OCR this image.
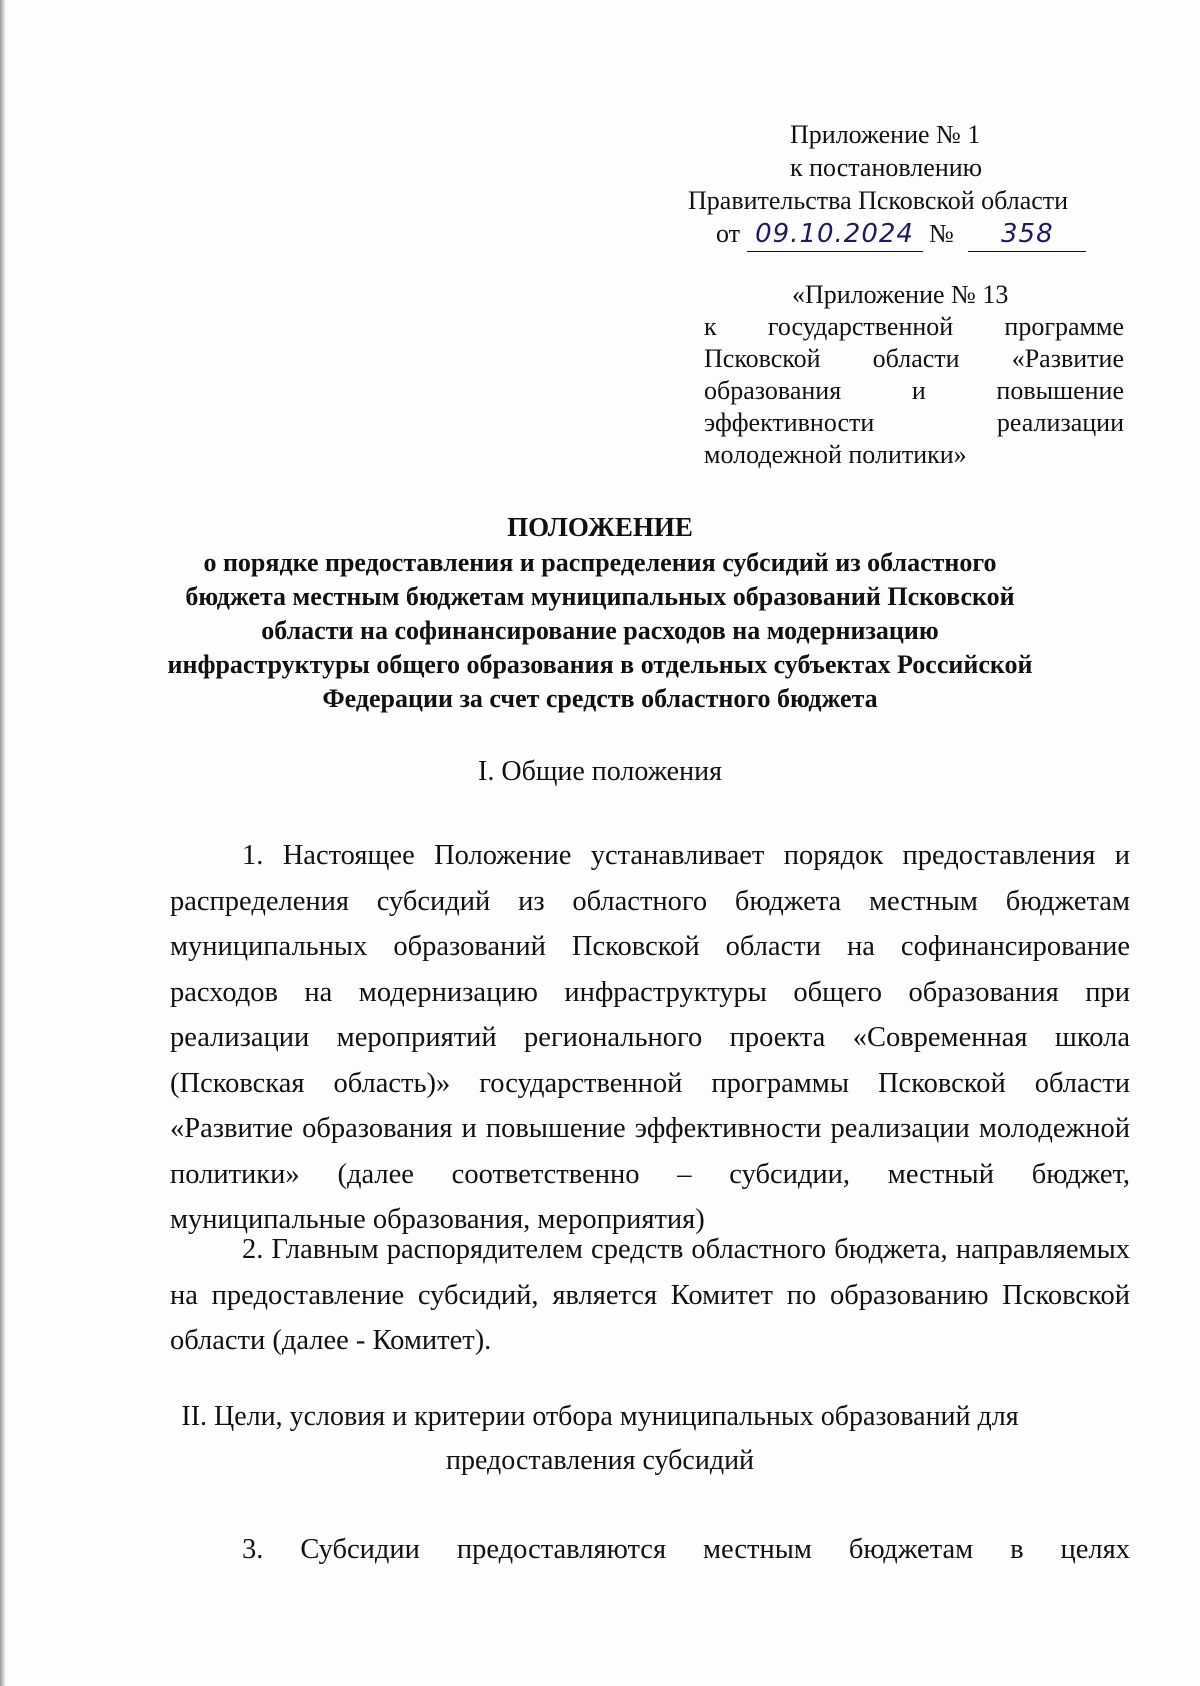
Приложение № 1
к постановлению
Правительства Псковской области
от 09.10.2024 № 358
«Приложение № 13
к государственной программе Псковской области «Развитие образования и повышение эффективности реализации молодежной политики»
ПОЛОЖЕНИЕ
о порядке предоставления и распределения субсидий из областного
бюджета местным бюджетам муниципальных образований Псковской
области на софинансирование расходов на модернизацию
инфраструктуры общего образования в отдельных субъектах Российской
Федерации за счет средств областного бюджета
I. Общие положения
1. Настоящее Положение устанавливает порядок предоставления и распределения субсидий из областного бюджета местным бюджетам муниципальных образований Псковской области на софинансирование расходов на модернизацию инфраструктуры общего образования при реализации мероприятий регионального проекта «Современная школа (Псковская область)» государственной программы Псковской области «Развитие образования и повышение эффективности реализации молодежной политики» (далее соответственно – субсидии, местный бюджет, муниципальные образования, мероприятия)
2. Главным распорядителем средств областного бюджета, направляемых на предоставление субсидий, является Комитет по образованию Псковской области (далее - Комитет).
II. Цели, условия и критерии отбора муниципальных образований для
предоставления субсидий
3. Субсидии предоставляются местным бюджетам в целях
